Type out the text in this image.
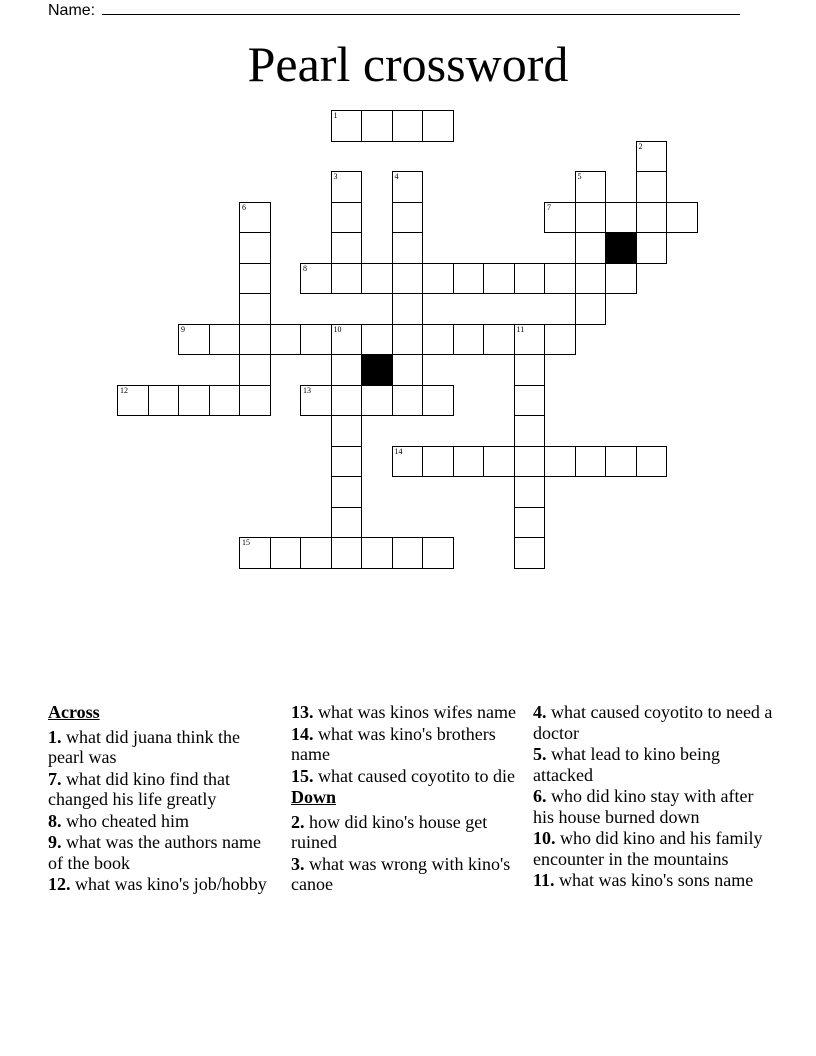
Name:
Pearl crossword
1
2
3	4	5
6	7
8
9	10	11
12	13
14
15
Across
1. what did juana think the pearl was
7. what did kino find that changed his life greatly
8. who cheated him
9. what was the authors name of the book
12. what was kino's job/hobby
13. what was kinos wifes name
14. what was kino's brothers name
15. what caused coyotito to die
Down
2. how did kino's house get ruined
3. what was wrong with kino's canoe
4. what caused coyotito to need a doctor
5. what lead to kino being attacked
6. who did kino stay with after his house burned down
10. who did kino and his family encounter in the mountains
11. what was kino's sons name
